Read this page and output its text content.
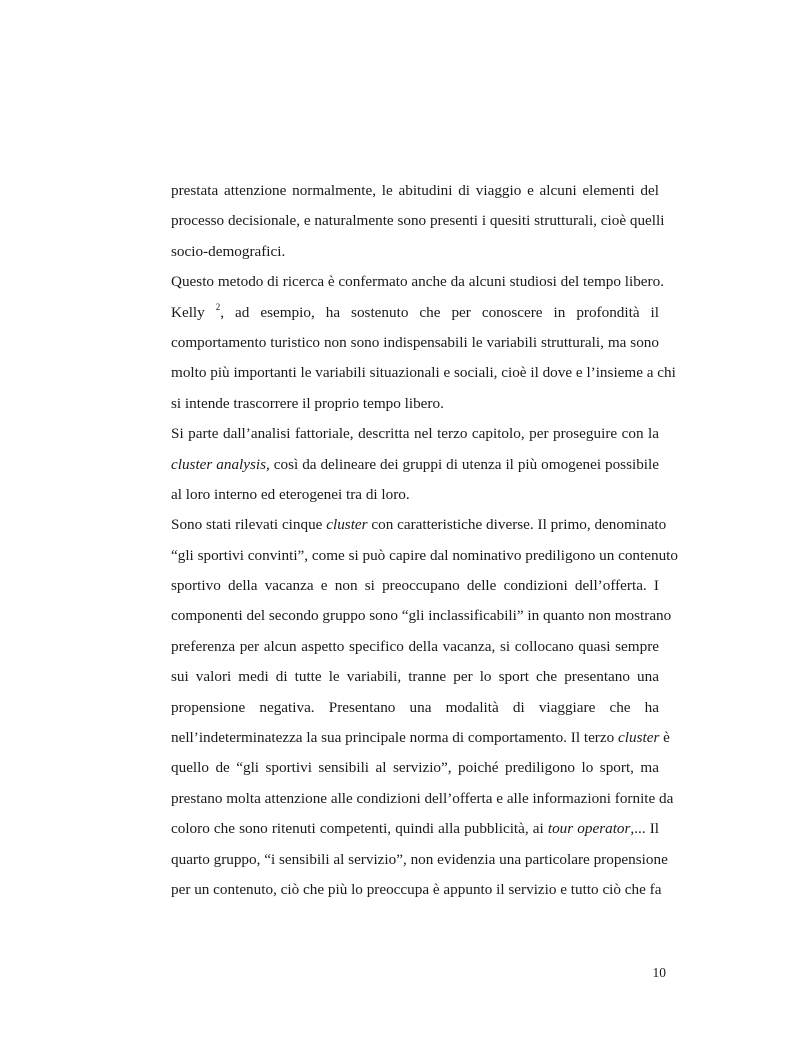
prestata attenzione normalmente, le abitudini di viaggio e alcuni elementi del
processo decisionale, e naturalmente sono presenti i quesiti strutturali, cioè quelli
socio-demografici.
Questo metodo di ricerca è confermato anche da alcuni studiosi del tempo libero.
Kelly $^2$, ad esempio, ha sostenuto che per conoscere in profondità il
comportamento turistico non sono indispensabili le variabili strutturali, ma sono
molto più importanti le variabili situazionali e sociali, cioè il dove e l’insieme a chi
si intende trascorrere il proprio tempo libero.
Si parte dall’analisi fattoriale, descritta nel terzo capitolo, per proseguire con la
cluster analysis, così da delineare dei gruppi di utenza il più omogenei possibile
al loro interno ed eterogenei tra di loro.
Sono stati rilevati cinque cluster con caratteristiche diverse. Il primo, denominato
“gli sportivi convinti”, come si può capire dal nominativo prediligono un contenuto
sportivo della vacanza e non si preoccupano delle condizioni dell’offerta. I
componenti del secondo gruppo sono “gli inclassificabili” in quanto non mostrano
preferenza per alcun aspetto specifico della vacanza, si collocano quasi sempre
sui valori medi di tutte le variabili, tranne per lo sport che presentano una
propensione negativa. Presentano una modalità di viaggiare che ha
nell’indeterminatezza la sua principale norma di comportamento. Il terzo cluster è
quello de “gli sportivi sensibili al servizio”, poiché prediligono lo sport, ma
prestano molta attenzione alle condizioni dell’offerta e alle informazioni fornite da
coloro che sono ritenuti competenti, quindi alla pubblicità, ai tour operator,... Il
quarto gruppo, “i sensibili al servizio”, non evidenzia una particolare propensione
per un contenuto, ciò che più lo preoccupa è appunto il servizio e tutto ciò che fa
10
